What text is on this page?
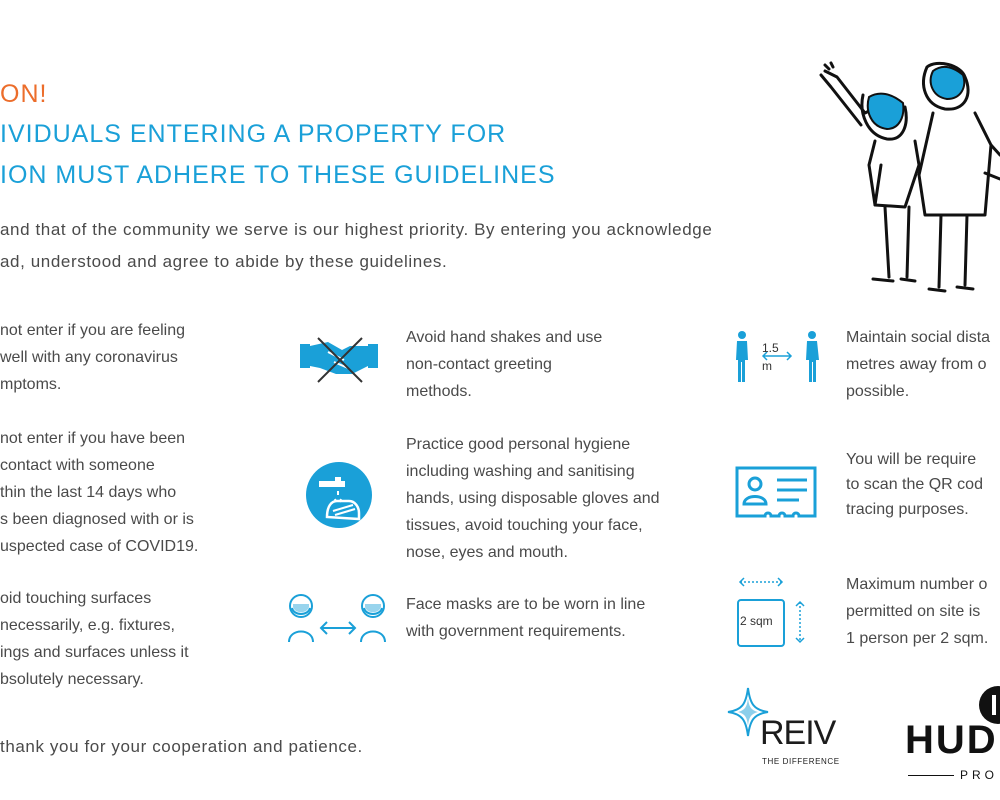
ON!
IVIDUALS ENTERING A PROPERTY FOR
ION MUST ADHERE TO THESE GUIDELINES
and that of the community we serve is our highest priority. By entering you acknowledge
ad, understood and agree to abide by these guidelines.
not enter if you are feeling
well with any coronavirus
mptoms.
not enter if you have been
contact with someone
thin the last 14 days who
s been diagnosed with or is
uspected case of COVID19.
oid touching surfaces
necessarily, e.g. fixtures,
ings and surfaces unless it
bsolutely necessary.
Avoid hand shakes and use
non-contact greeting
methods.
Practice good personal hygiene
including washing and sanitising
hands, using disposable gloves and
tissues, avoid touching your face,
nose, eyes and mouth.
Face masks are to be worn in line
with government requirements.
1.5
m
2 sqm
Maintain social dista
metres away from o
possible.
You will be require
to scan the QR cod
tracing purposes.
Maximum number o
permitted on site is
1 person per 2 sqm.
thank you for your cooperation and patience.	REIV
THE DIFFERENCE HUD
PRO
